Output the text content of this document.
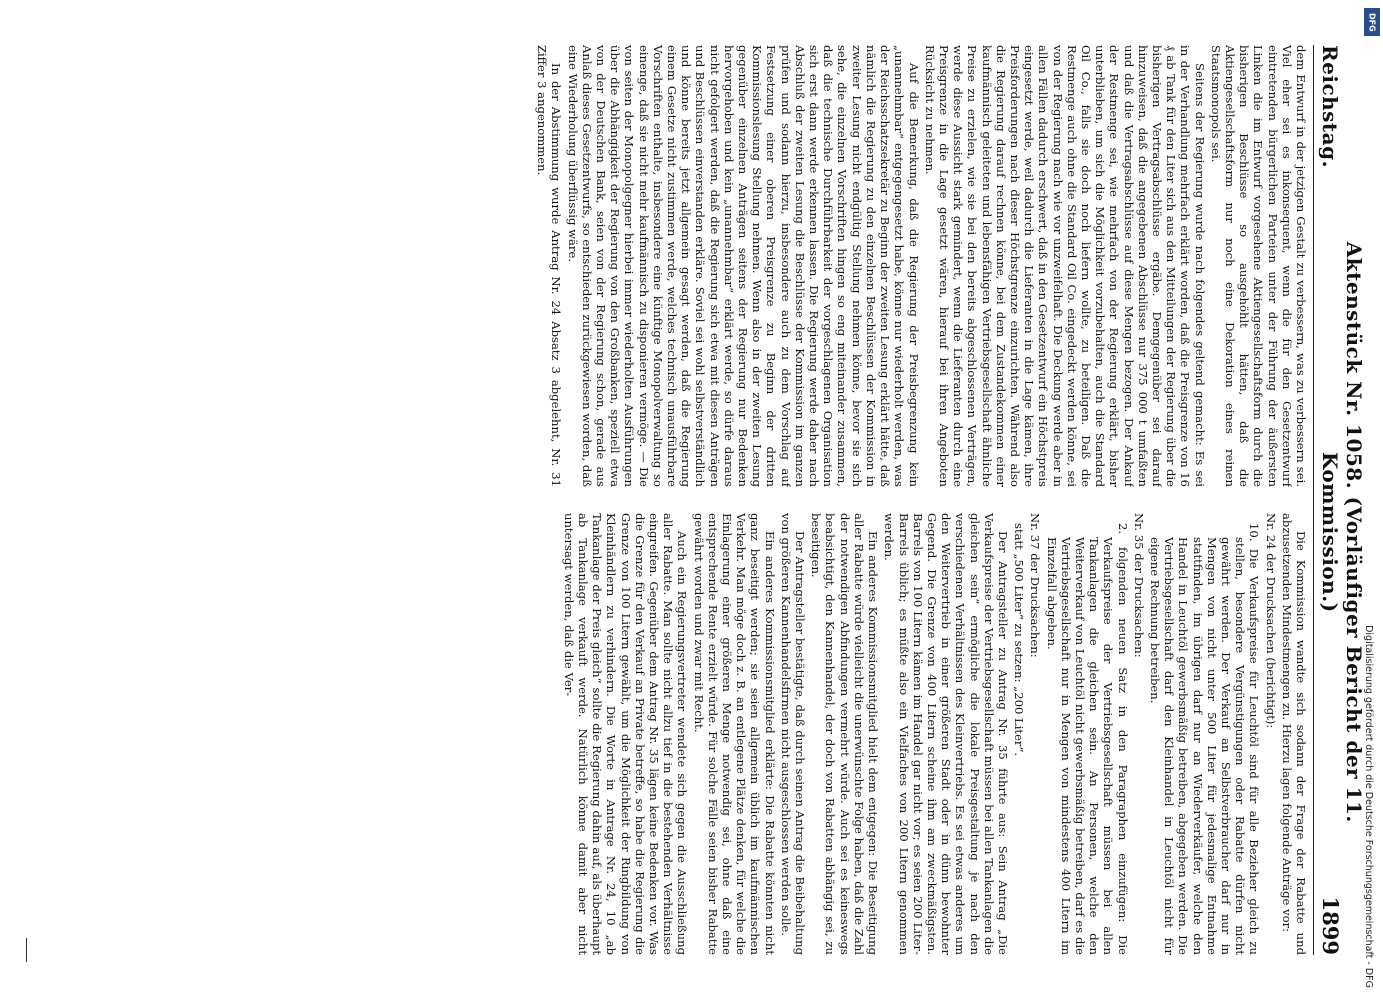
Reichstag.
Aktenstück Nr. 1058. (Vorläufiger Bericht der 11. Kommission.)
1899

dem Entwurf in der jetzigen Gestalt zu verbessern, was zu verbessern sei. Viel eher sei es inkonsequent, wenn die für den Gesetzentwurf eintretenden bürgerlichen Parteien unter der Führung der äußersten Linken die im Entwurf vorgesehene Aktiengesellschaftsform durch die bisherigen Beschlüsse so ausgehöhlt hätten, daß die Aktiengesellschaftsform nur noch eine Dekoration eines reinen Staatsmonopols sei.

Seitens der Regierung wurde nach folgendes geltend gemacht: Es sei in der Verhandlung mehrfach erklärt worden, daß die Preisgrenze von 16 ₰ ab Tank für den Liter sich aus den Mitteilungen der Regierung über die bisherigen Vertragsabschlüsse ergäbe. Demgegenüber sei darauf hinzuweisen, daß die angegebenen Abschlüsse nur 375 000 t umfaßten und daß die Vertragsabschlüsse auf diese Mengen bezogen. Der Ankauf der Restmenge sei, wie mehrfach von der Regierung erklärt, bisher unterblieben, um sich die Möglichkeit vorzubehalten, auch die Standard Oil Co., falls sie doch noch liefern wollte, zu beteiligen. Daß die Restmenge auch ohne die Standard Oil Co. eingedeckt werden könne, sei von der Regierung nach wie vor unzweifelhaft. Die Deckung werde aber in allen Fällen dadurch erschwert, daß in den Gesetzentwurf ein Höchstpreis eingesetzt werde, weil dadurch die Lieferanten in die Lage kämen, ihre Preisforderungen nach dieser Höchstgrenze einzurichten. Während also die Regierung darauf rechnen könne, bei dem Zustandekommen einer kaufmännisch geleiteten und lebensfähigen Vertriebsgesellschaft ähnliche Preise zu erzielen, wie sie bei den bereits abgeschlossenen Verträgen, werde diese Aussicht stark gemindert, wenn die Lieferanten durch eine Preisgrenze in die Lage gesetzt wären, hierauf bei ihren Angeboten Rücksicht zu nehmen.

Auf die Bemerkung, daß die Regierung der Preisbegrenzung kein „unannehmbar“ entgegengesetzt habe, könne nur wiederholt werden, was der Reichsschatzsekretär zu Beginn der zweiten Lesung erklärt hätte, daß nämlich die Regierung zu den einzelnen Beschlüssen der Kommission in zweiter Lesung nicht endgültig Stellung nehmen könne, bevor sie sich sehe, die einzelnen Vorschriften hingen so eng miteinander zusammen, daß die technische Durchführbarkeit der vorgeschlagenen Organisation sich erst dann werde erkennen lassen. Die Regierung werde daher nach Abschluß der zweiten Lesung die Beschlüsse der Kommission im ganzen prüfen und sodann hierzu, insbesondere auch zu dem Vorschlag auf Festsetzung einer oberen Preisgrenze zu Beginn der dritten Kommissionslesung Stellung nehmen. Wenn also in der zweiten Lesung gegenüber einzelnen Anträgen seitens der Regierung nur Bedenken hervorgehoben und kein „unannehmbar“ erklärt werde, so dürfe daraus nicht gefolgert werden, daß die Regierung sich etwa mit diesen Anträgen und Beschlüssen einverstanden erkläre. Soviel sei wohl selbstverständlich und könne bereits jetzt allgemein gesagt werden, daß die Regierung einem Gesetze nicht zustimmen werde, welches technisch unausführbare Vorschriften enthalte, insbesondere eine künftige Monopolverwaltung so einenge, daß sie nicht mehr kaufmännisch zu disponieren vermöge. — Die von seiten der Monopolgegner hierbei immer wiederholten Ausführungen über die Abhängigkeit der Regierung von den Großbanken, speziell etwa von der Deutschen Bank, seien von der Regierung schon, gerade aus Anlaß dieses Gesetzentwurfs, so entschieden zurückgewiesen worden, daß eine Wiederholung überflüssig wäre.

In der Abstimmung wurde Antrag Nr. 24 Absatz 3 abgelehnt, Nr. 31 Ziffer 3 angenommen.

Die Kommission wandte sich sodann der Frage der Rabatte und abzusetzenden Mindestmengen zu. Hierzu lagen folgende Anträge vor:

Nr. 24 der Drucksachen (berichtigt):

10. Die Verkaufspreise für Leuchtöl sind für alle Bezieher gleich zu stellen, besondere Vergünstigungen oder Rabatte dürfen nicht gewährt werden. Der Verkauf an Selbstverbraucher darf nur in Mengen von nicht unter 500 Liter für jedesmalige Entnahme stattfinden, im übrigen darf nur an Wiederverkäufer, welche den Handel in Leuchtöl gewerbsmäßig betreiben, abgegeben werden. Die Vertriebsgesellschaft darf den Kleinhandel in Leuchtöl nicht für eigene Rechnung betreiben.

Nr. 35 der Drucksachen:

2. folgenden neuen Satz in den Paragraphen einzufügen: Die Verkaufspreise der Vertriebsgesellschaft müssen bei allen Tankanlagen die gleichen sein. An Personen, welche den Weiterverkauf von Leuchtöl nicht gewerbsmäßig betreiben, darf es die Vertriebsgesellschaft nur in Mengen von mindestens 400 Litern im Einzelfall abgeben.

Nr. 37 der Drucksachen:

statt „500 Liter“ zu setzen: „200 Liter“.

Der Antragsteller zu Antrag Nr. 35 führte aus: Sein Antrag „Die Verkaufspreise der Vertriebsgesellschaft müssen bei allen Tankanlagen die gleichen sein“ ermögliche die lokale Preisgestaltung je nach den verschiedenen Verhältnissen des Kleinvertriebs. Es sei etwas anderes um den Weitervertrieb in einer größeren Stadt oder in dünn bewohnter Gegend. Die Grenze von 400 Litern scheine ihm am zweckmäßigsten. Barrels von 100 Litern kämen im Handel gar nicht vor; es seien 200 Liter-Barrels üblich; es müßte also ein Vielfaches von 200 Litern genommen werden.

Ein anderes Kommissionsmitglied hielt dem entgegen: Die Beseitigung aller Rabatte würde vielleicht die unerwünschte Folge haben, daß die Zahl der notwendigen Abfindungen vermehrt würde. Auch sei es keineswegs beabsichtigt, den Kannenhandel, der doch von Rabatten abhängig sei, zu beseitigen.

Der Antragsteller bestätigte, daß durch seinen Antrag die Beibehaltung von größeren Kannenhandelsfirmen nicht ausgeschlossen werden solle.

Ein anderes Kommissionsmitglied erklärte: Die Rabatte könnten nicht ganz beseitigt werden; sie seien allgemein üblich im kaufmännischen Verkehr. Man möge doch z. B. an entlegene Plätze denken, für welche die Einlagerung einer größeren Menge notwendig sei, ohne daß eine entsprechende Rente erzielt würde. Für solche Fälle seien bisher Rabatte gewährt worden und zwar mit Recht.

Auch ein Regierungsvertreter wendete sich gegen die Ausschließung aller Rabatte. Man sollte nicht allzu tief in die bestehenden Verhältnisse eingreifen. Gegenüber dem Antrag Nr. 35 lägen keine Bedenken vor. Was die Grenze für den Verkauf an Private betreffe, so habe die Regierung die Grenze von 100 Litern gewählt, um die Möglichkeit der Ringbildung von Kleinhändlern zu verhindern. Die Worte in Antrage Nr. 24, 10 „ab Tankanlage der Preis gleich“ sollte die Regierung dahin auf, als überhaupt ab Tankanlage verkauft werde. Natürlich könne damit aber nicht untersagt werden, daß die Ver-

Digitalisierung gefördert durch die Deutsche Forschungsgemeinschaft - DFG
DFG
